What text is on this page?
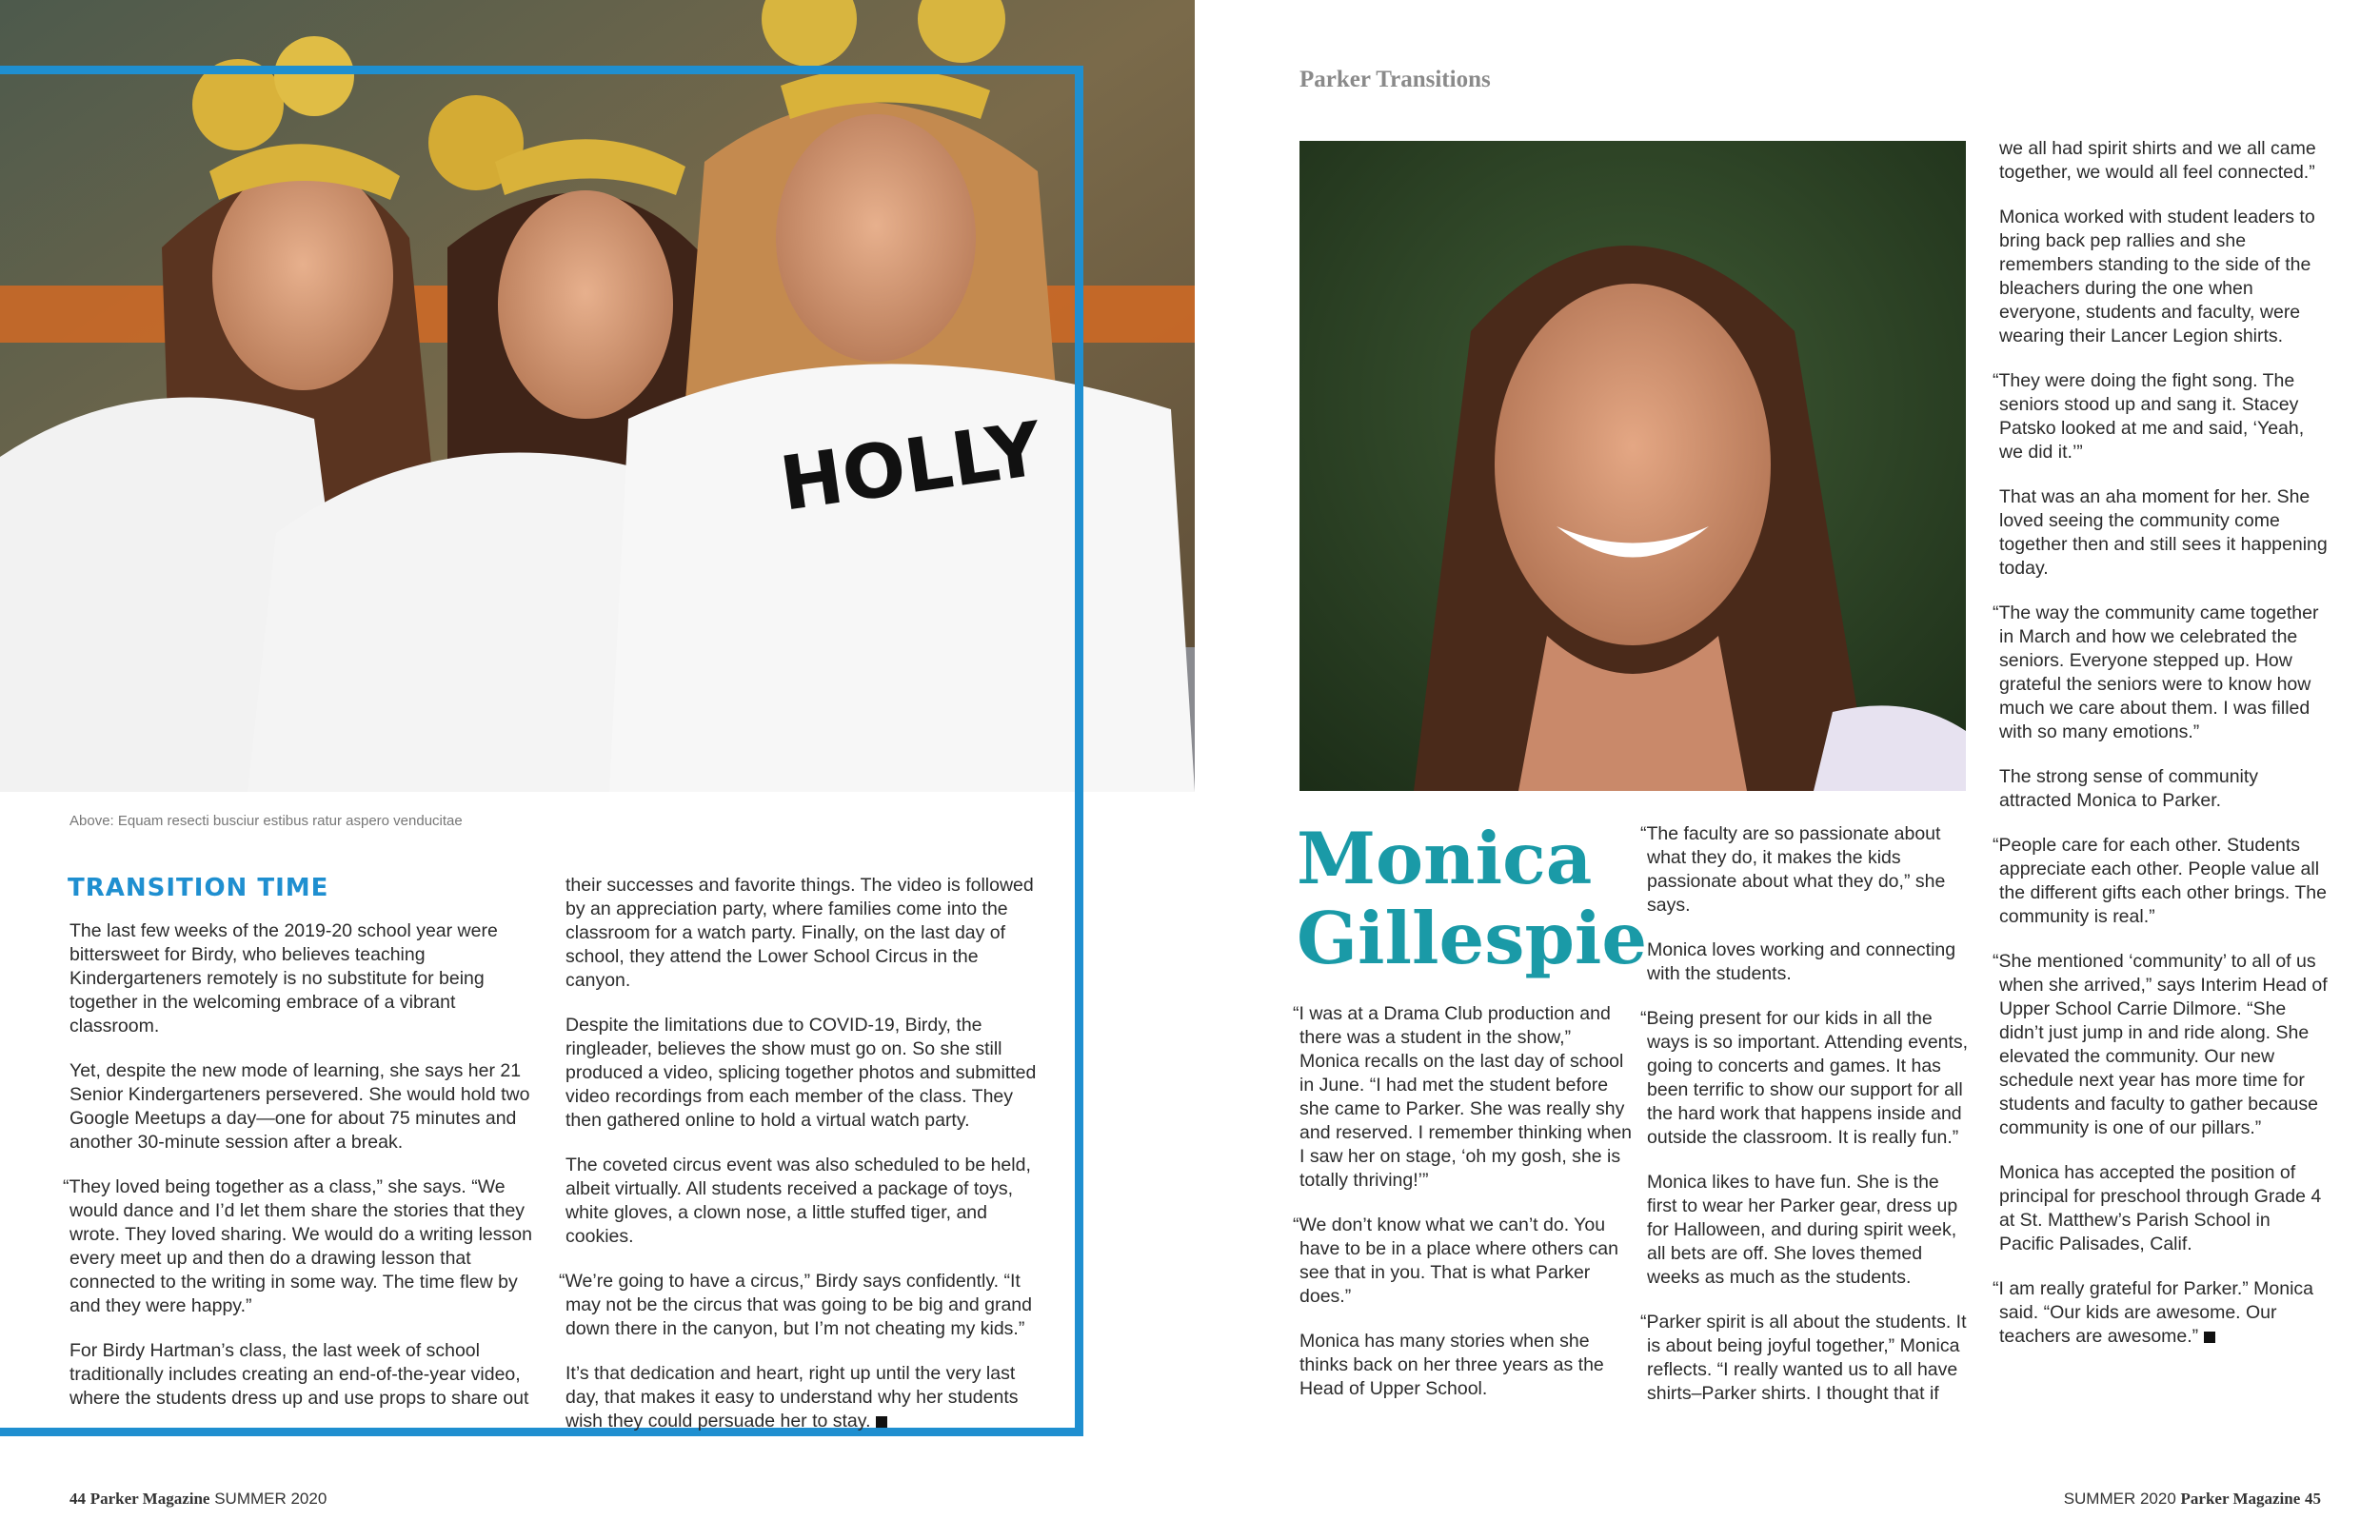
HOLLY
Above: Equam resecti busciur estibus ratur aspero venducitae
TRANSITION TIME

The last few weeks of the 2019-20 school year were bittersweet for Birdy, who believes teaching Kindergarteners remotely is no substitute for being together in the welcoming embrace of a vibrant classroom.

Yet, despite the new mode of learning, she says her 21 Senior Kindergarteners persevered. She would hold two Google Meetups a day—one for about 75 minutes and another 30-minute session after a break.

“They loved being together as a class,” she says. “We would dance and I’d let them share the stories that they wrote. They loved sharing. We would do a writing lesson every meet up and then do a drawing lesson that connected to the writing in some way. The time flew by and they were happy.”

For Birdy Hartman’s class, the last week of school traditionally includes creating an end-of-the-year video, where the students dress up and use props to share out

their successes and favorite things. The video is followed by an appreciation party, where families come into the classroom for a watch party. Finally, on the last day of school, they attend the Lower School Circus in the canyon.

Despite the limitations due to COVID-19, Birdy, the ringleader, believes the show must go on. So she still produced a video, splicing together photos and submitted video recordings from each member of the class. They then gathered online to hold a virtual watch party.

The coveted circus event was also scheduled to be held, albeit virtually. All students received a package of toys, white gloves, a clown nose, a little stuffed tiger, and cookies.

“We’re going to have a circus,” Birdy says confidently. “It may not be the circus that was going to be big and grand down there in the canyon, but I’m not cheating my kids.”

It’s that dedication and heart, right up until the very last day, that makes it easy to understand why her students wish they could persuade her to stay.

Parker Transitions
Monica
Gillespie

“I was at a Drama Club production and there was a student in the show,” Monica recalls on the last day of school in June. “I had met the student before she came to Parker. She was really shy and reserved. I remember thinking when I saw her on stage, ‘oh my gosh, she is totally thriving!’”

“We don’t know what we can’t do. You have to be in a place where others can see that in you. That is what Parker does.”

Monica has many stories when she thinks back on her three years as the Head of Upper School.

“The faculty are so passionate about what they do, it makes the kids passionate about what they do,” she says.

Monica loves working and connecting with the students.

“Being present for our kids in all the ways is so important. Attending events, going to concerts and games. It has been terrific to show our support for all the hard work that happens inside and outside the classroom. It is really fun.”

Monica likes to have fun. She is the first to wear her Parker gear, dress up for Halloween, and during spirit week, all bets are off. She loves themed weeks as much as the students.

“Parker spirit is all about the students. It is about being joyful together,” Monica reflects. “I really wanted us to all have shirts–Parker shirts. I thought that if

we all had spirit shirts and we all came together, we would all feel connected.”

Monica worked with student leaders to bring back pep rallies and she remembers standing to the side of the bleachers during the one when everyone, students and faculty, were wearing their Lancer Legion shirts.

“They were doing the fight song. The seniors stood up and sang it. Stacey Patsko looked at me and said, ‘Yeah, we did it.’”

That was an aha moment for her. She loved seeing the community come together then and still sees it happening today.

“The way the community came together in March and how we celebrated the seniors. Everyone stepped up. How grateful the seniors were to know how much we care about them. I was filled with so many emotions.”

The strong sense of community attracted Monica to Parker.

“People care for each other. Students appreciate each other. People value all the different gifts each other brings. The community is real.”

“She mentioned ‘community’ to all of us when she arrived,” says Interim Head of Upper School Carrie Dilmore. “She didn’t just jump in and ride along. She elevated the community. Our new schedule next year has more time for students and faculty to gather because community is one of our pillars.”

Monica has accepted the position of principal for preschool through Grade 4 at St. Matthew’s Parish School in Pacific Palisades, Calif.

“I am really grateful for Parker.” Monica said. “Our kids are awesome. Our teachers are awesome.”

44 Parker Magazine SUMMER 2020	SUMMER 2020 Parker Magazine 45
